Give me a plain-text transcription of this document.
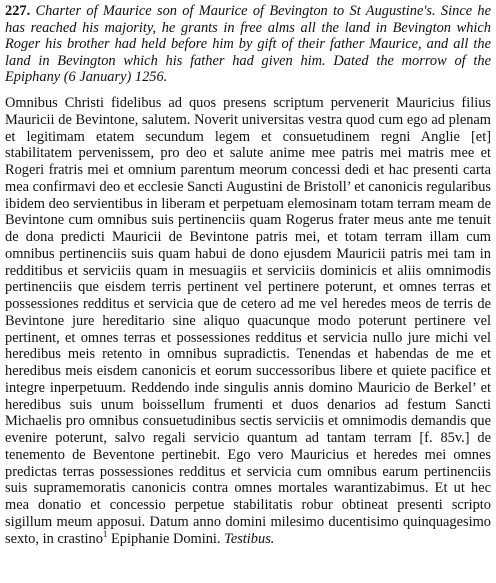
227. Charter of Maurice son of Maurice of Bevington to St Augustine's. Since he has reached his majority, he grants in free alms all the land in Bevington which Roger his brother had held before him by gift of their father Maurice, and all the land in Bevington which his father had given him. Dated the morrow of the Epiphany (6 January) 1256.

Omnibus Christi fidelibus ad quos presens scriptum pervenerit Mauricius filius Mauricii de Bevintone, salutem. Noverit universitas vestra quod cum ego ad plenam et legitimam etatem secundum legem et consuetudinem regni Anglie [et] stabilitatem pervenissem, pro deo et salute anime mee patris mei matris mee et Rogeri fratris mei et omnium parentum meorum concessi dedi et hac presenti carta mea confirmavi deo et ecclesie Sancti Augustini de Bristoll’ et canonicis regularibus ibidem deo servientibus in liberam et perpetuam elemosinam totam terram meam de Bevintone cum omnibus suis pertinenciis quam Rogerus frater meus ante me tenuit de dona predicti Mauricii de Bevintone patris mei, et totam terram illam cum omnibus pertinenciis suis quam habui de dono ejusdem Mauricii patris mei tam in redditibus et serviciis quam in mesuagiis et serviciis dominicis et aliis omnimodis pertinenciis que eisdem terris pertinent vel pertinere poterunt, et omnes terras et possessiones redditus et servicia que de cetero ad me vel heredes meos de terris de Bevintone jure hereditario sine aliquo quacunque modo poterunt pertinere vel pertinent, et omnes terras et possessiones redditus et servicia nullo jure michi vel heredibus meis retento in omnibus supradictis. Tenendas et habendas de me et heredibus meis eisdem canonicis et eorum successoribus libere et quiete pacifice et integre inperpetuum. Reddendo inde singulis annis domino Mauricio de Berkel’ et heredibus suis unum boissellum frumenti et duos denarios ad festum Sancti Michaelis pro omnibus consuetudinibus sectis serviciis et omnimodis demandis que evenire poterunt, salvo regali servicio quantum ad tantam terram [f. 85v.] de tenemento de Beventone pertinebit. Ego vero Mauricius et heredes mei omnes predictas terras possessiones redditus et servicia cum omnibus earum pertinenciis suis supramemoratis canonicis contra omnes mortales warantizabimus. Et ut hec mea donatio et concessio perpetue stabilitatis robur obtineat presenti scripto sigillum meum apposui. Datum anno domini milesimo ducentisimo quinquagesimo sexto, in crastino$^1$ Epiphanie Domini. Testibus.
